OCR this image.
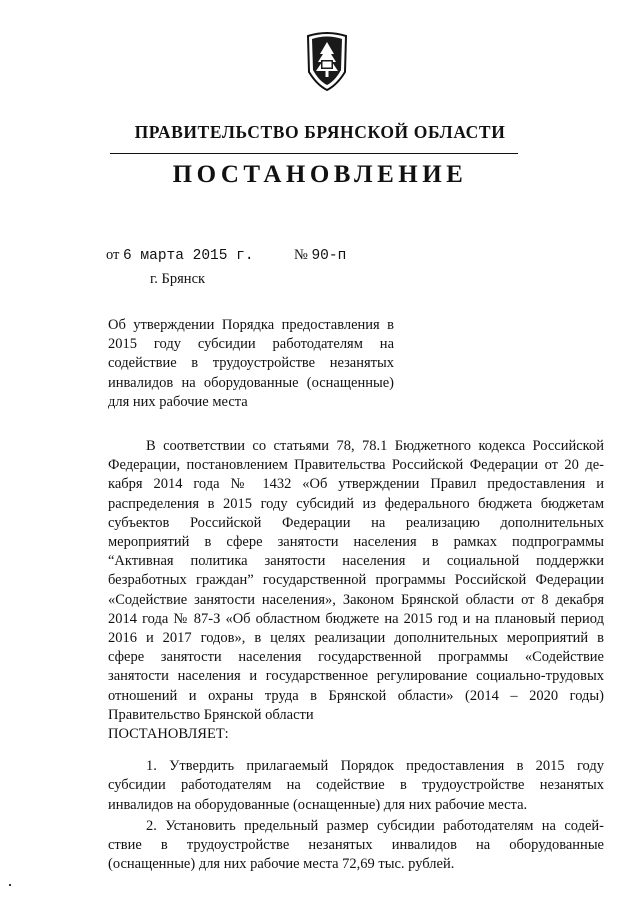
ПРАВИТЕЛЬСТВО БРЯНСКОЙ ОБЛАСТИ
ПОСТАНОВЛЕНИЕ
от 6 марта 2015 г.	№ 90-п
г. Брянск
Об утверждении Порядка предоставления в
2015 году субсидии работодателям на
содействие в трудоустройстве незанятых
инвалидов на оборудованные (оснащенные)
для них рабочие места
В соответствии со статьями 78, 78.1 Бюджетного кодекса Российской
Федерации, постановлением Правительства Российской Федерации от 20 де-
кабря 2014 года № 1432 «Об утверждении Правил предоставления и
распределения в 2015 году субсидий из федерального бюджета бюджетам
субъектов Российской Федерации на реализацию дополнительных
мероприятий в сфере занятости населения в рамках подпрограммы
“Активная политика занятости населения и социальной поддержки
безработных граждан” государственной программы Российской Федерации
«Содействие занятости населения», Законом Брянской области от 8 декабря
2014 года № 87-З «Об областном бюджете на 2015 год и на плановый период
2016 и 2017 годов», в целях реализации дополнительных мероприятий в
сфере занятости населения государственной программы «Содействие
занятости населения и государственное регулирование социально-трудовых
отношений и охраны труда в Брянской области» (2014 – 2020 годы)
Правительство Брянской области
ПОСТАНОВЛЯЕТ:
1. Утвердить прилагаемый Порядок предоставления в 2015 году
субсидии работодателям на содействие в трудоустройстве незанятых
инвалидов на оборудованные (оснащенные) для них рабочие места.
2. Установить предельный размер субсидии работодателям на содей-
ствие в трудоустройстве незанятых инвалидов на оборудованные
(оснащенные) для них рабочие места 72,69 тыс. рублей.
